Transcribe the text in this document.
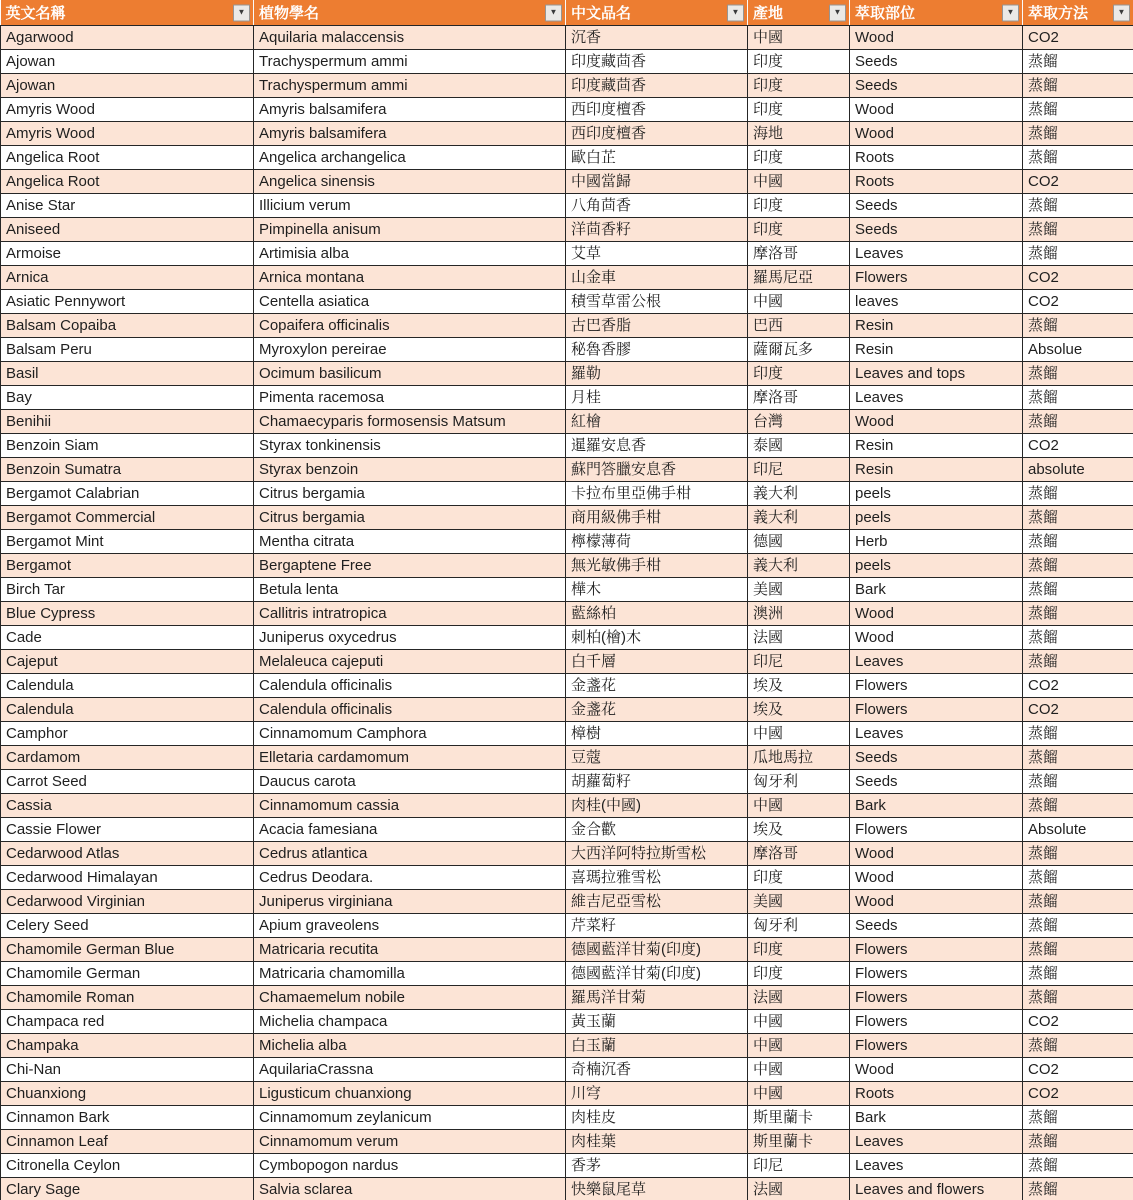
英文名稱 ▼	植物學名 ▼	中文品名 ▼	產地 ▼	萃取部位 ▼	萃取方法 ▼

Agarwood	Aquilaria malaccensis	沉香	中國	Wood	CO2
Ajowan	Trachyspermum ammi	印度藏茴香	印度	Seeds	蒸餾
Ajowan	Trachyspermum ammi	印度藏茴香	印度	Seeds	蒸餾
Amyris Wood	Amyris balsamifera	西印度檀香	印度	Wood	蒸餾
Amyris Wood	Amyris balsamifera	西印度檀香	海地	Wood	蒸餾
Angelica Root	Angelica archangelica	歐白芷	印度	Roots	蒸餾
Angelica Root	Angelica sinensis	中國當歸	中國	Roots	CO2
Anise Star	Illicium verum	八角茴香	印度	Seeds	蒸餾
Aniseed	Pimpinella anisum	洋茴香籽	印度	Seeds	蒸餾
Armoise	Artimisia alba	艾草	摩洛哥	Leaves	蒸餾
Arnica	Arnica montana	山金車	羅馬尼亞	Flowers	CO2
Asiatic Pennywort	Centella asiatica	積雪草雷公根	中國	leaves	CO2
Balsam Copaiba	Copaifera officinalis	古巴香脂	巴西	Resin	蒸餾
Balsam Peru	Myroxylon pereirae	秘魯香膠	薩爾瓦多	Resin	Absolue
Basil	Ocimum basilicum	羅勒	印度	Leaves and tops	蒸餾
Bay	Pimenta racemosa	月桂	摩洛哥	Leaves	蒸餾
Benihii	Chamaecyparis formosensis Matsum	紅檜	台灣	Wood	蒸餾
Benzoin Siam	Styrax tonkinensis	暹羅安息香	泰國	Resin	CO2
Benzoin Sumatra	Styrax benzoin	蘇門答臘安息香	印尼	Resin	absolute
Bergamot Calabrian	Citrus bergamia	卡拉布里亞佛手柑	義大利	peels	蒸餾
Bergamot Commercial	Citrus bergamia	商用級佛手柑	義大利	peels	蒸餾
Bergamot Mint	Mentha citrata	檸檬薄荷	德國	Herb	蒸餾
Bergamot	Bergaptene Free	無光敏佛手柑	義大利	peels	蒸餾
Birch Tar	Betula lenta	樺木	美國	Bark	蒸餾
Blue Cypress	Callitris intratropica	藍絲柏	澳洲	Wood	蒸餾
Cade	Juniperus oxycedrus	刺柏(檜)木	法國	Wood	蒸餾
Cajeput	Melaleuca cajeputi	白千層	印尼	Leaves	蒸餾
Calendula	Calendula officinalis	金盞花	埃及	Flowers	CO2
Calendula	Calendula officinalis	金盞花	埃及	Flowers	CO2
Camphor	Cinnamomum Camphora	樟樹	中國	Leaves	蒸餾
Cardamom	Elletaria cardamomum	豆蔻	瓜地馬拉	Seeds	蒸餾
Carrot Seed	Daucus carota	胡蘿蔔籽	匈牙利	Seeds	蒸餾
Cassia	Cinnamomum cassia	肉桂(中國)	中國	Bark	蒸餾
Cassie Flower	Acacia famesiana	金合歡	埃及	Flowers	Absolute
Cedarwood Atlas	Cedrus atlantica	大西洋阿特拉斯雪松	摩洛哥	Wood	蒸餾
Cedarwood Himalayan	Cedrus Deodara.	喜瑪拉雅雪松	印度	Wood	蒸餾
Cedarwood Virginian	Juniperus virginiana	維吉尼亞雪松	美國	Wood	蒸餾
Celery Seed	Apium graveolens	芹菜籽	匈牙利	Seeds	蒸餾
Chamomile German Blue	Matricaria recutita	德國藍洋甘菊(印度)	印度	Flowers	蒸餾
Chamomile German	Matricaria chamomilla	德國藍洋甘菊(印度)	印度	Flowers	蒸餾
Chamomile Roman	Chamaemelum nobile	羅馬洋甘菊	法國	Flowers	蒸餾
Champaca red	Michelia champaca	黃玉蘭	中國	Flowers	CO2
Champaka	Michelia alba	白玉蘭	中國	Flowers	蒸餾
Chi-Nan	AquilariaCrassna	奇楠沉香	中國	Wood	CO2
Chuanxiong	Ligusticum chuanxiong	川穹	中國	Roots	CO2
Cinnamon Bark	Cinnamomum zeylanicum	肉桂皮	斯里蘭卡	Bark	蒸餾
Cinnamon Leaf	Cinnamomum verum	肉桂葉	斯里蘭卡	Leaves	蒸餾
Citronella Ceylon	Cymbopogon nardus	香茅	印尼	Leaves	蒸餾
Clary Sage	Salvia sclarea	快樂鼠尾草	法國	Leaves and flowers	蒸餾
